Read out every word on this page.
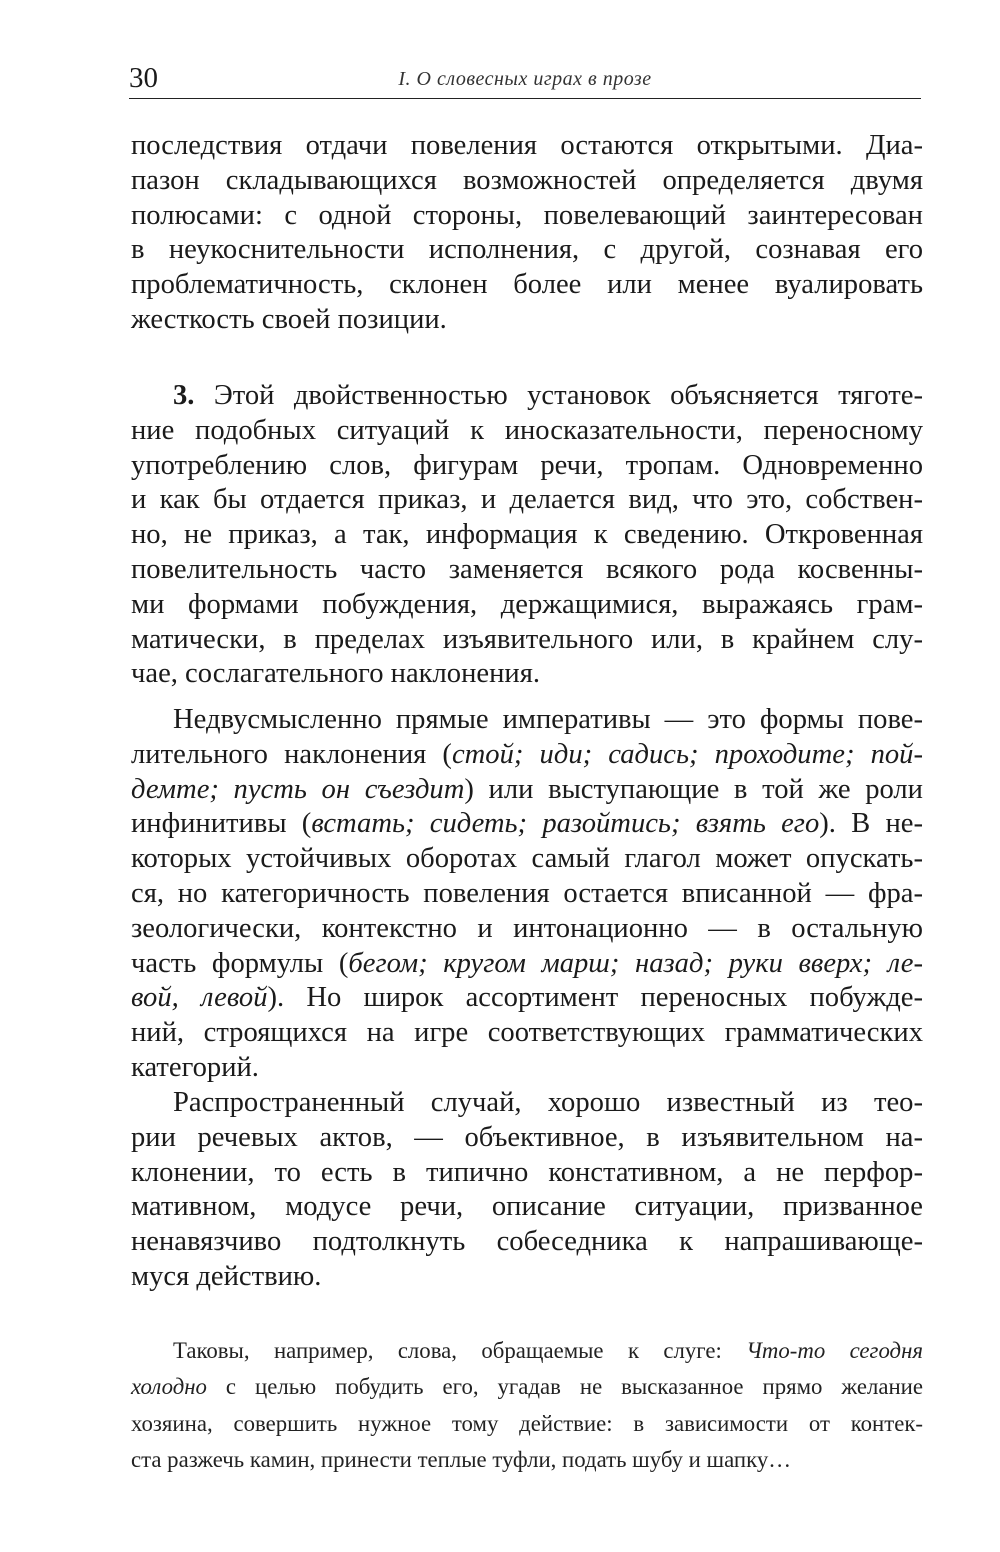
30	I. О словесных играх в прозе
последствия отдачи повеления остаются открытыми. Диа-
пазон складывающихся возможностей определяется двумя
полюсами: с одной стороны, повелевающий заинтересован
в неукоснительности исполнения, с другой, сознавая его
проблематичность, склонен более или менее вуалировать
жесткость своей позиции.
3. Этой двойственностью установок объясняется тяготе-
ние подобных ситуаций к иносказательности, переносному
употреблению слов, фигурам речи, тропам. Одновременно
и как бы отдается приказ, и делается вид, что это, собствен-
но, не приказ, а так, информация к сведению. Откровенная
повелительность часто заменяется всякого рода косвенны-
ми формами побуждения, держащимися, выражаясь грам-
матически, в пределах изъявительного или, в крайнем слу-
чае, сослагательного наклонения.
Недвусмысленно прямые императивы — это формы пове-
лительного наклонения (стой; иди; садись; проходите; пой-
демте; пусть он съездит) или выступающие в той же роли
инфинитивы (встать; сидеть; разойтись; взять его). В не-
которых устойчивых оборотах самый глагол может опускать-
ся, но категоричность повеления остается вписанной — фра-
зеологически, контекстно и интонационно — в остальную
часть формулы (бегом; кругом марш; назад; руки вверх; ле-
вой, левой). Но широк ассортимент переносных побужде-
ний, строящихся на игре соответствующих грамматических
категорий.
Распространенный случай, хорошо известный из тео-
рии речевых актов, — объективное, в изъявительном на-
клонении, то есть в типично констативном, а не перфор-
мативном, модусе речи, описание ситуации, призванное
ненавязчиво подтолкнуть собеседника к напрашивающе-
муся действию.
Таковы, например, слова, обращаемые к слуге: Что-то сегодня
холодно с целью побудить его, угадав не высказанное прямо желание
хозяина, совершить нужное тому действие: в зависимости от контек-
ста разжечь камин, принести теплые туфли, подать шубу и шапку…
